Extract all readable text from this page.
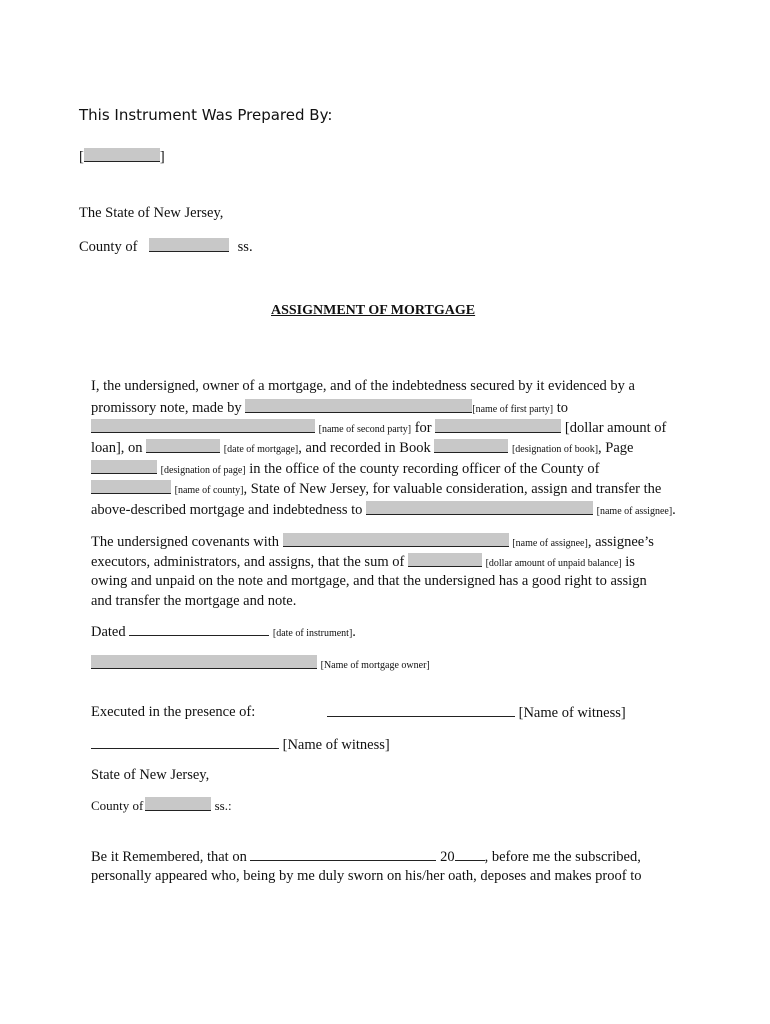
This Instrument Was Prepared By:
[	]
The State of New Jersey,
County of	ss.
ASSIGNMENT OF MORTGAGE
I, the undersigned, owner of a mortgage, and of the indebtedness secured by it evidenced by a
promissory note, made by	[name of first party] to
[name of second party] for	[dollar amount of
loan], on	[date of mortgage], and recorded in Book	[designation of book], Page
[designation of page] in the office of the county recording officer of the County of
[name of county], State of New Jersey, for valuable consideration, assign and transfer the
above-described mortgage and indebtedness to	[name of assignee].
The undersigned covenants with	[name of assignee], assignee’s
executors, administrators, and assigns, that the sum of	[dollar amount of unpaid balance] is
owing and unpaid on the note and mortgage, and that the undersigned has a good right to assign
and transfer the mortgage and note.
Dated	[date of instrument].
[Name of mortgage owner]
Executed in the presence of:	[Name of witness]
[Name of witness]
State of New Jersey,
County of	ss.:
Be it Remembered, that on	20 , before me the subscribed,
personally appeared who, being by me duly sworn on his/her oath, deposes and makes proof to
